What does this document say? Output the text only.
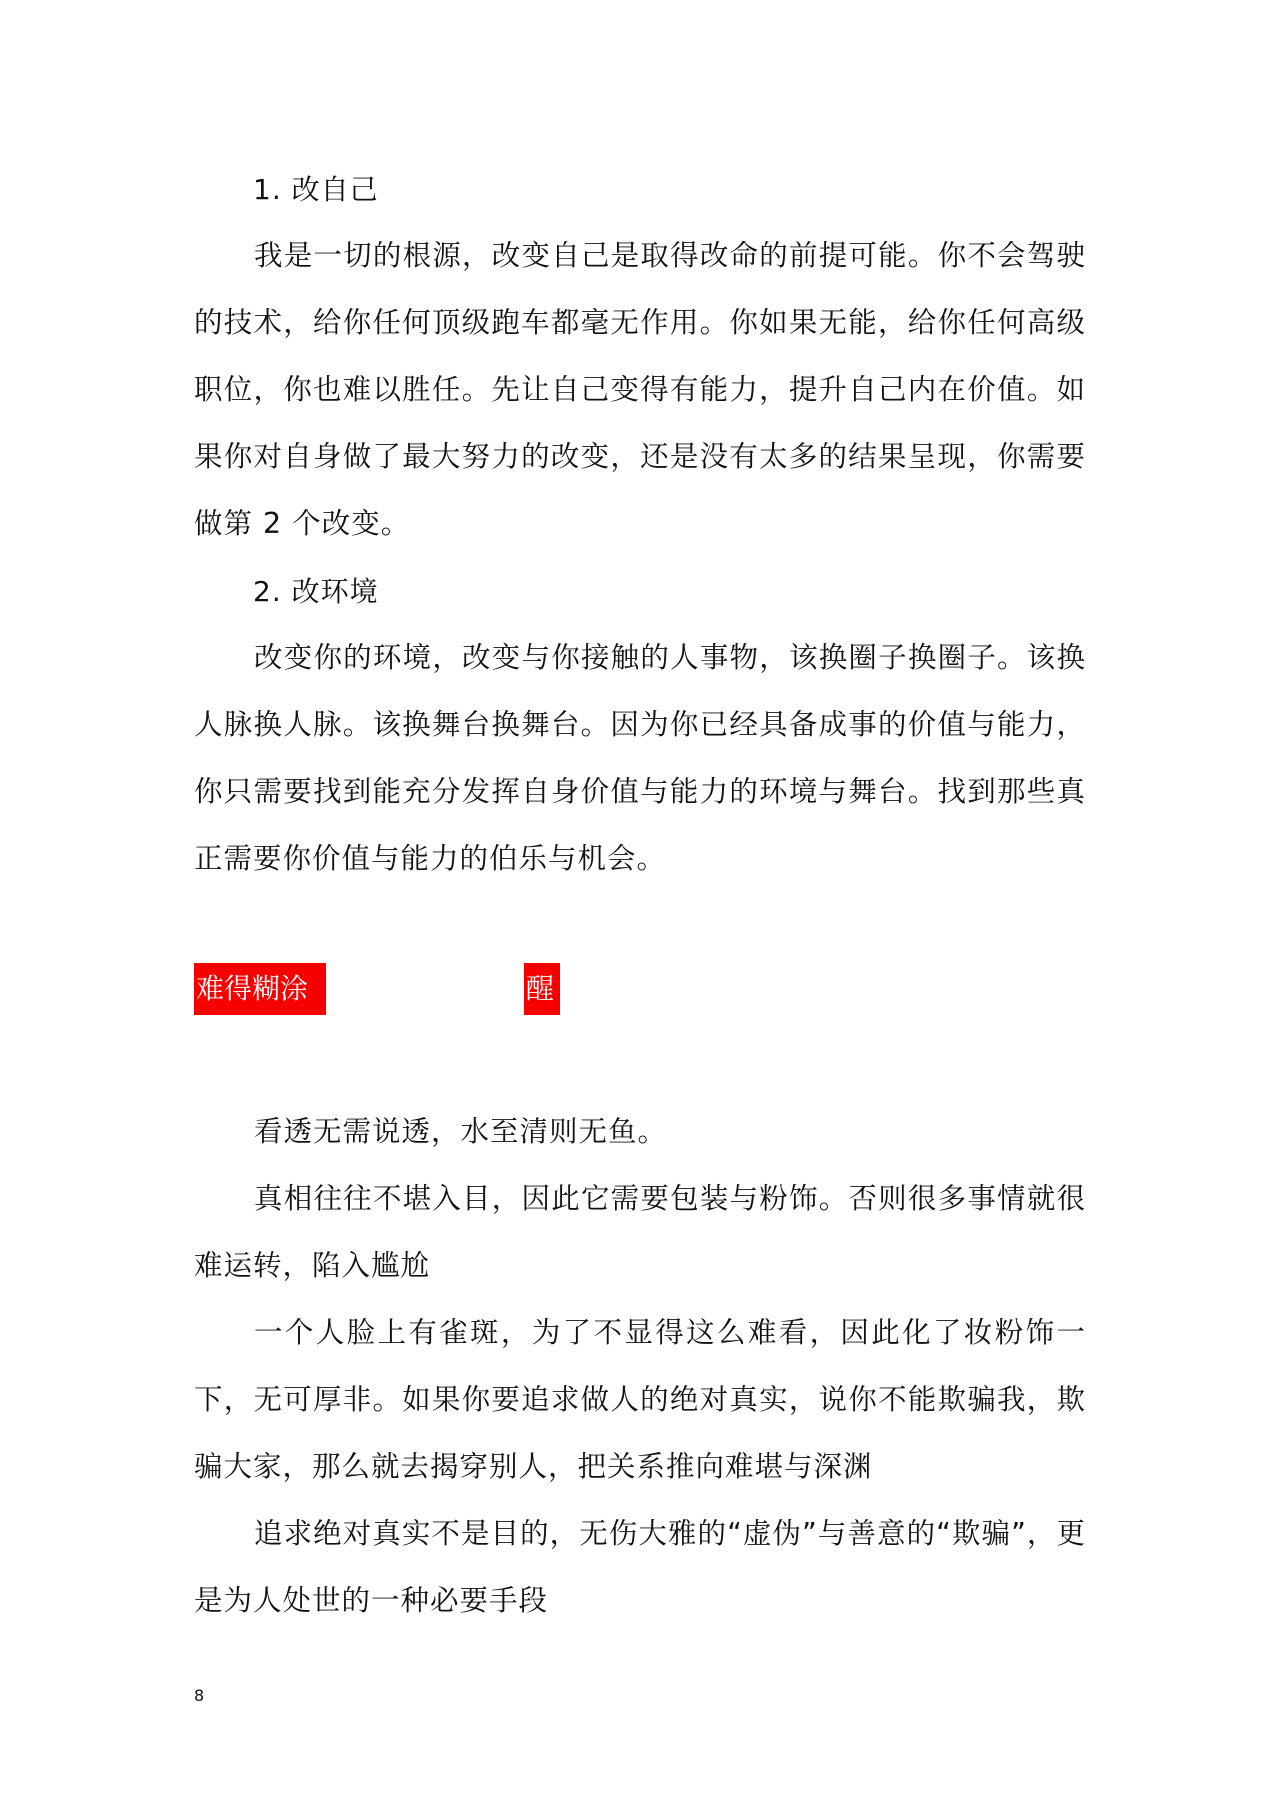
1. 改自己

我是一切的根源，改变自己是取得改命的前提可能。你不会驾驶的技术，给你任何顶级跑车都毫无作用。你如果无能，给你任何高级职位，你也难以胜任。先让自己变得有能力，提升自己内在价值。如果你对自身做了最大努力的改变，还是没有太多的结果呈现，你需要做第 2 个改变。

2. 改环境

改变你的环境，改变与你接触的人事物，该换圈子换圈子。该换人脉换人脉。该换舞台换舞台。因为你已经具备成事的价值与能力，你只需要找到能充分发挥自身价值与能力的环境与舞台。找到那些真正需要你价值与能力的伯乐与机会。

难得糊涂	醒

看透无需说透，水至清则无鱼。

真相往往不堪入目，因此它需要包装与粉饰。否则很多事情就很难运转，陷入尴尬

一个人脸上有雀斑，为了不显得这么难看，因此化了妆粉饰一下，无可厚非。如果你要追求做人的绝对真实，说你不能欺骗我，欺骗大家，那么就去揭穿别人，把关系推向难堪与深渊

追求绝对真实不是目的，无伤大雅的“虚伪”与善意的“欺骗”，更是为人处世的一种必要手段

8
